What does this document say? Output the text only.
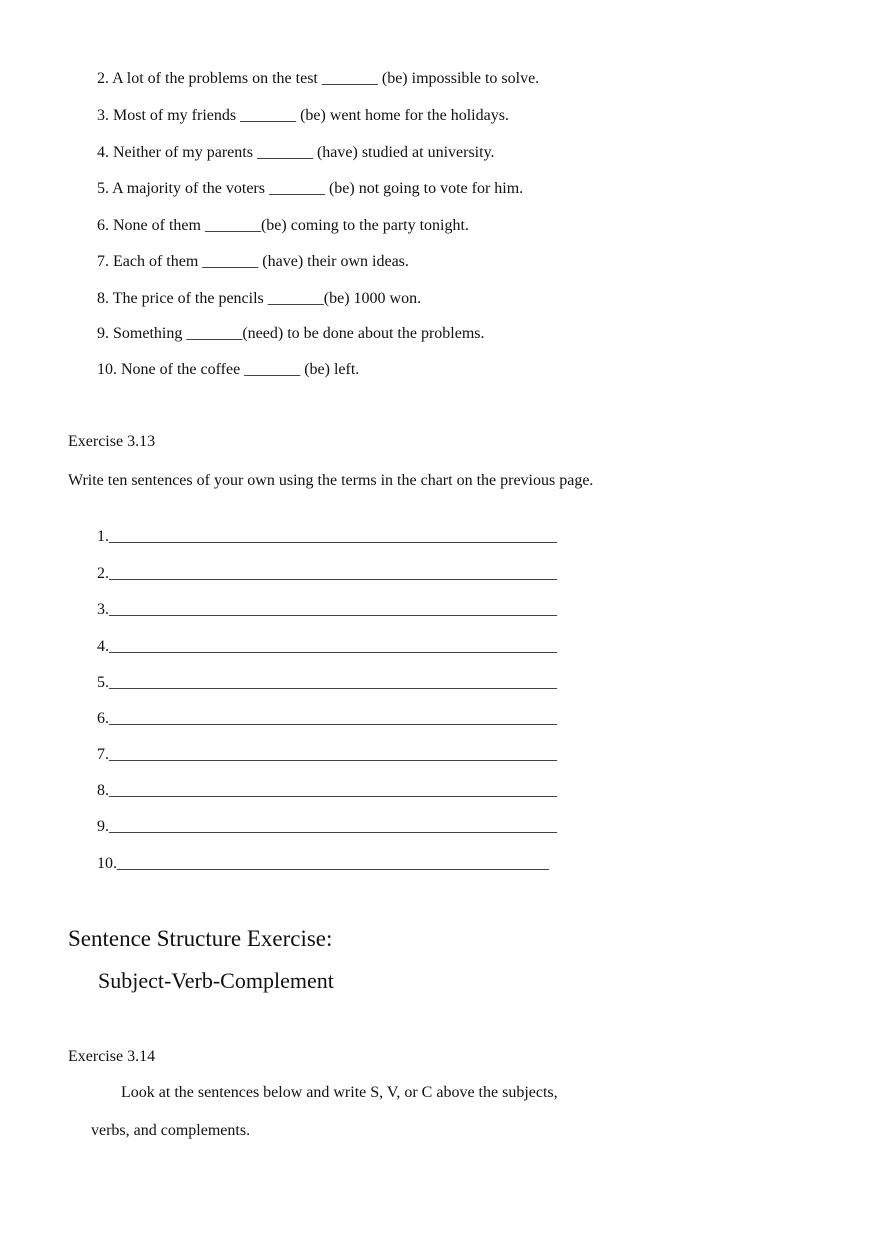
2. A lot of the problems on the test _______ (be) impossible to solve.
3. Most of my friends _______ (be) went home for the holidays.
4. Neither of my parents _______ (have) studied at university.
5. A majority of the voters _______ (be) not going to vote for him.
6. None of them _______(be) coming to the party tonight.
7. Each of them _______ (have) their own ideas.
8. The price of the pencils _______(be) 1000 won.
9. Something _______(need) to be done about the problems.
10. None of the coffee _______ (be) left.
Exercise 3.13
Write ten sentences of your own using the terms in the chart on the previous page.
1.________________________________________________________
2.________________________________________________________
3.________________________________________________________
4.________________________________________________________
5.________________________________________________________
6.________________________________________________________
7.________________________________________________________
8.________________________________________________________
9.________________________________________________________
10.______________________________________________________
Sentence Structure Exercise:
Subject-Verb-Complement
Exercise 3.14
Look at the sentences below and write S, V, or C above the subjects,
verbs, and complements.
